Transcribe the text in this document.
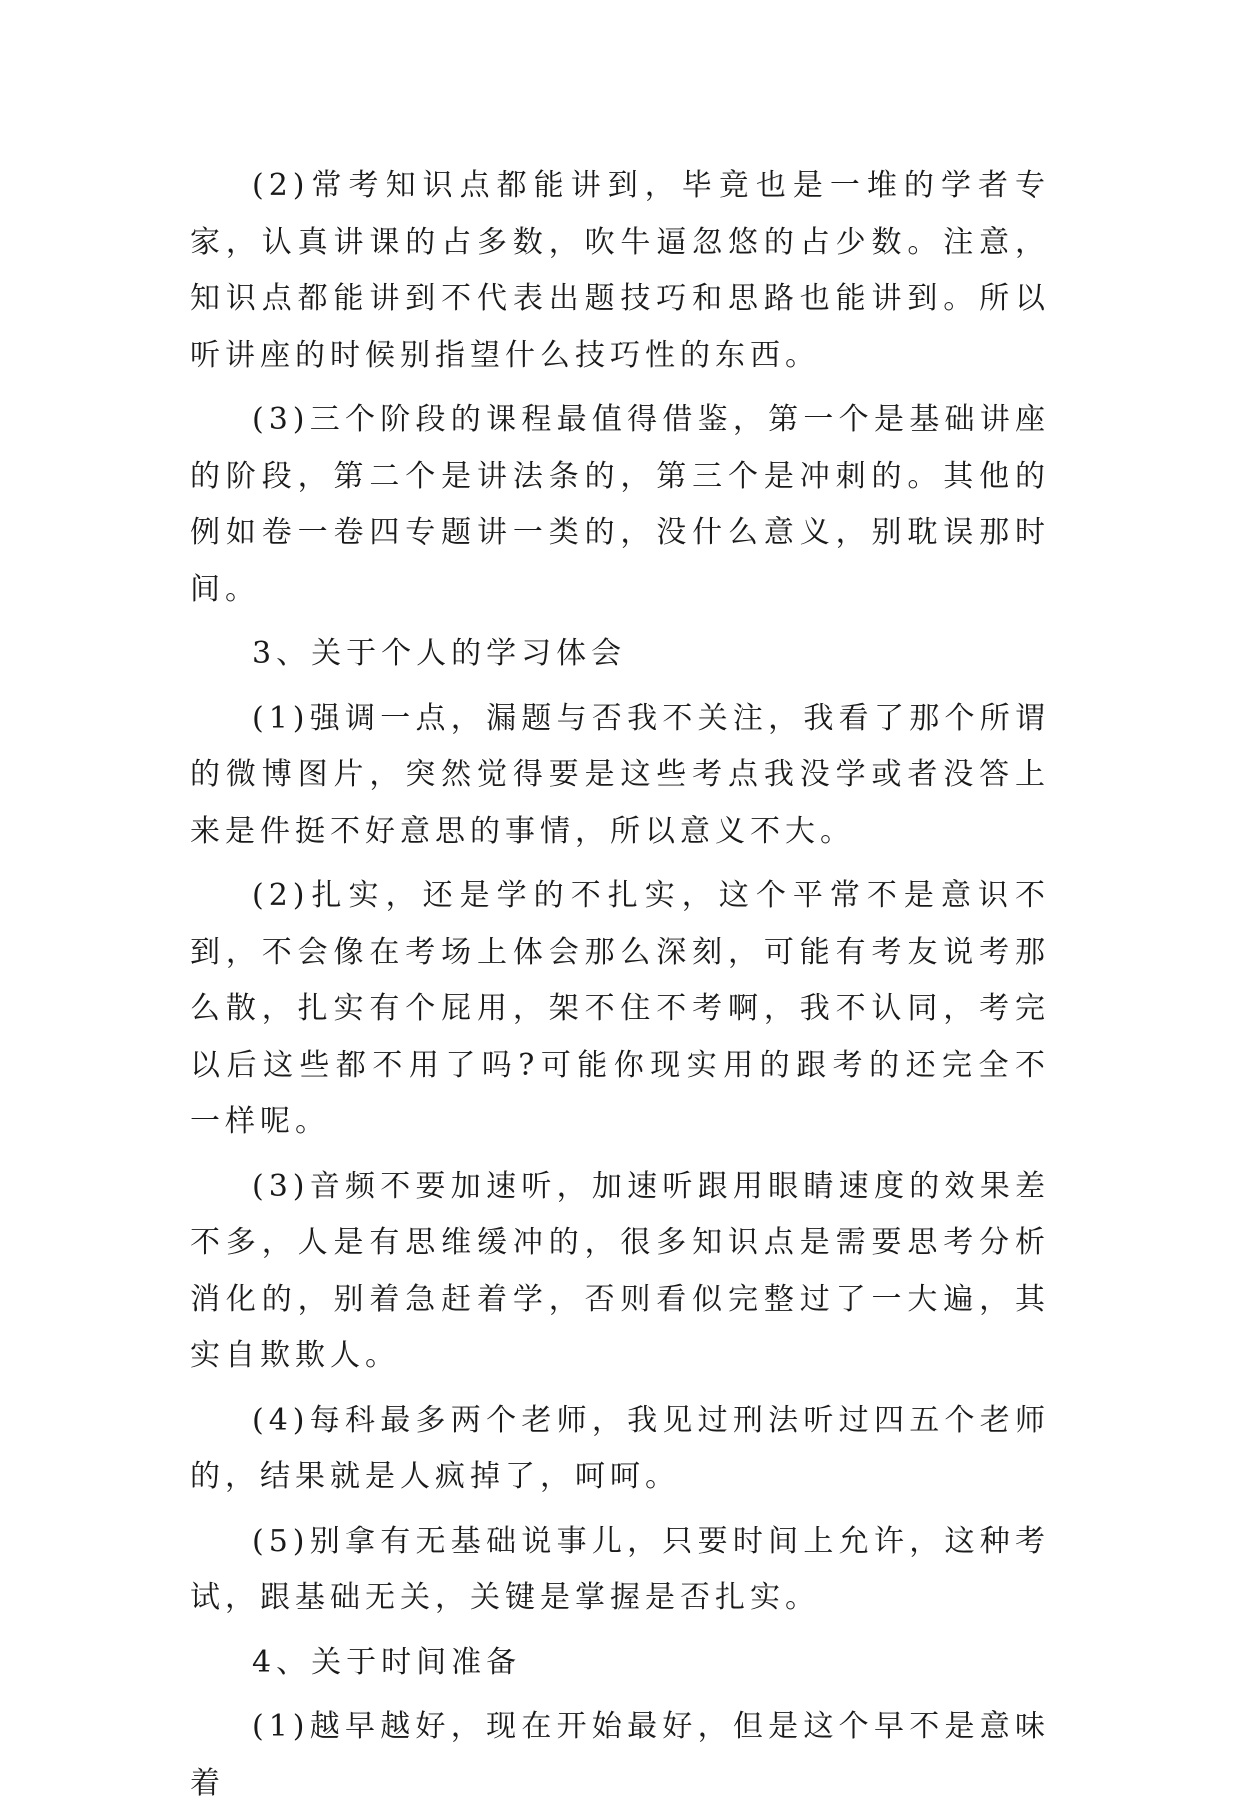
(2)常考知识点都能讲到，毕竟也是一堆的学者专家，认真讲课的占多数，吹牛逼忽悠的占少数。注意，知识点都能讲到不代表出题技巧和思路也能讲到。所以听讲座的时候别指望什么技巧性的东西。

(3)三个阶段的课程最值得借鉴，第一个是基础讲座的阶段，第二个是讲法条的，第三个是冲刺的。其他的例如卷一卷四专题讲一类的，没什么意义，别耽误那时间。

3、关于个人的学习体会

(1)强调一点，漏题与否我不关注，我看了那个所谓的微博图片，突然觉得要是这些考点我没学或者没答上来是件挺不好意思的事情，所以意义不大。

(2)扎实，还是学的不扎实，这个平常不是意识不到，不会像在考场上体会那么深刻，可能有考友说考那么散，扎实有个屁用，架不住不考啊，我不认同，考完以后这些都不用了吗?可能你现实用的跟考的还完全不一样呢。

(3)音频不要加速听，加速听跟用眼睛速度的效果差不多，人是有思维缓冲的，很多知识点是需要思考分析消化的，别着急赶着学，否则看似完整过了一大遍，其实自欺欺人。

(4)每科最多两个老师，我见过刑法听过四五个老师的，结果就是人疯掉了，呵呵。

(5)别拿有无基础说事儿，只要时间上允许，这种考试，跟基础无关，关键是掌握是否扎实。

4、关于时间准备

(1)越早越好，现在开始最好，但是这个早不是意味着
